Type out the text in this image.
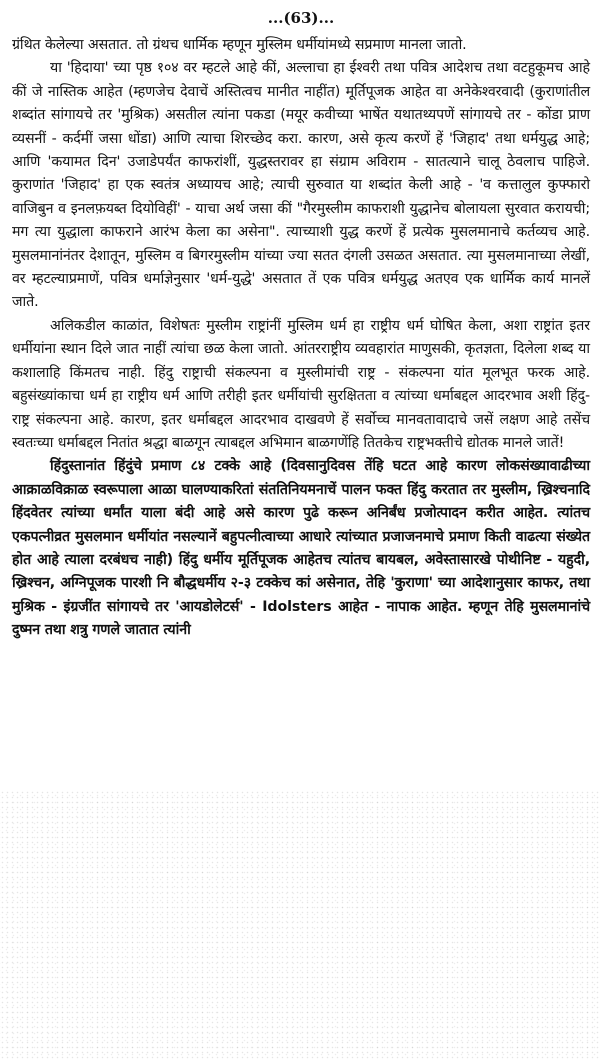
...(63)...

ग्रंथित केलेल्या असतात. तो ग्रंथच धार्मिक म्हणून मुस्लिम धर्मीयांमध्ये सप्रमाण मानला जातो.

या 'हिदाया' च्या पृष्ठ १०४ वर म्हटले आहे कीं, अल्लाचा हा ईश्वरी तथा पवित्र आदेशच तथा वटहुकूमच आहे कीं जे नास्तिक आहेत (म्हणजेच देवाचें अस्तित्वच मानीत नाहींत) मूर्तिपूजक आहेत वा अनेकेश्वरवादी (कुराणांतील शब्दांत सांगायचे तर 'मुश्रिक) असतील त्यांना पकडा (मयूर कवीच्या भाषेंत यथातथ्यपणें सांगायचे तर - कोंडा प्राण व्यसनीं - कर्दमीं जसा धोंडा) आणि त्याचा शिरच्छेद करा. कारण, असे कृत्य करणें हें 'जिहाद' तथा धर्मयुद्ध आहे; आणि 'कयामत दिन' उजाडेपर्यंत काफरांशीं, युद्धस्तरावर हा संग्राम अविराम - सातत्याने चालू ठेवलाच पाहिजे. कुराणांत 'जिहाद' हा एक स्वतंत्र अध्यायच आहे; त्याची सुरुवात या शब्दांत केली आहे - 'व कत्तालुल कुफ्फारो वाजिबुन व इनलफ़यब्त दियोविहीं' - याचा अर्थ जसा कीं "गैरमुस्लीम काफराशी युद्धानेच बोलायला सुरवात करायची; मग त्या युद्धाला काफराने आरंभ केला का असेना". त्याच्याशी युद्ध करणें हें प्रत्येक मुसलमानाचे कर्तव्यच आहे. मुसलमानांनंतर देशातून, मुस्लिम व बिगरमुस्लीम यांच्या ज्या सतत दंगली उसळत असतात. त्या मुसलमानाच्या लेखीं, वर म्हटल्याप्रमाणें, पवित्र धर्माज्ञेनुसार 'धर्म-युद्धे' असतात तें एक पवित्र धर्मयुद्ध अतएव एक धार्मिक कार्य मानलें जाते.

अलिकडील काळांत, विशेषतः मुस्लीम राष्ट्रांनीं मुस्लिम धर्म हा राष्ट्रीय धर्म घोषित केला, अशा राष्ट्रांत इतर धर्मीयांना स्थान दिले जात नाहीं त्यांचा छळ केला जातो. आंतरराष्ट्रीय व्यवहारांत माणुसकी, कृतज्ञता, दिलेला शब्द या कशालाहि किंमतच नाही. हिंदु राष्ट्राची संकल्पना व मुस्लीमांची राष्ट्र - संकल्पना यांत मूलभूत फरक आहे. बहुसंख्यांकाचा धर्म हा राष्ट्रीय धर्म आणि तरीही इतर धर्मीयांची सुरक्षितता व त्यांच्या धर्माबद्दल आदरभाव अशी हिंदु-राष्ट्र संकल्पना आहे. कारण, इतर धर्माबद्दल आदरभाव दाखवणे हें सर्वोच्च मानवतावादाचे जसें लक्षण आहे तसेंच स्वतःच्या धर्माबद्दल नितांत श्रद्धा बाळगून त्याबद्दल अभिमान बाळगणेंहि तितकेच राष्ट्रभक्तीचे द्योतक मानले जातें!

हिंदुस्तानांत हिंदुंचे प्रमाण ८४ टक्के आहे (दिवसानुदिवस तेंहि घटत आहे कारण लोकसंख्यावाढीच्या आक्राळविक्राळ स्वरूपाला आळा घालण्याकरितां संततिनियमनाचें पालन फक्त हिंदु करतात तर मुस्लीम, ख्रिश्चनादि हिंदवेतर त्यांच्या धर्मांत याला बंदी आहे असे कारण पुढे करून अनिर्बंध प्रजोत्पादन करीत आहेत. त्यांतच एकपत्नीव्रत मुसलमान धर्मीयांत नसल्यानें बहुपत्नीत्वाच्या आधारे त्यांच्यात प्रजाजनमाचे प्रमाण किती वाढत्या संख्येत होत आहे त्याला दरबंधच नाही) हिंदु धर्मीय मूर्तिपूजक आहेतच त्यांतच बायबल, अवेस्तासारखे पोथीनिष्ट - यहुदी, ख्रिश्चन, अग्निपूजक पारशी नि बौद्धधर्मीय २-३ टक्केच कां असेनात, तेहि 'कुराणा' च्या आदेशानुसार काफर, तथा मुश्रिक - इंग्रजींत सांगायचे तर 'आयडोलेटर्स' - Idolsters आहेत - नापाक आहेत. म्हणून तेहि मुसलमानांचे दुष्मन तथा शत्रु गणले जातात त्यांनी
